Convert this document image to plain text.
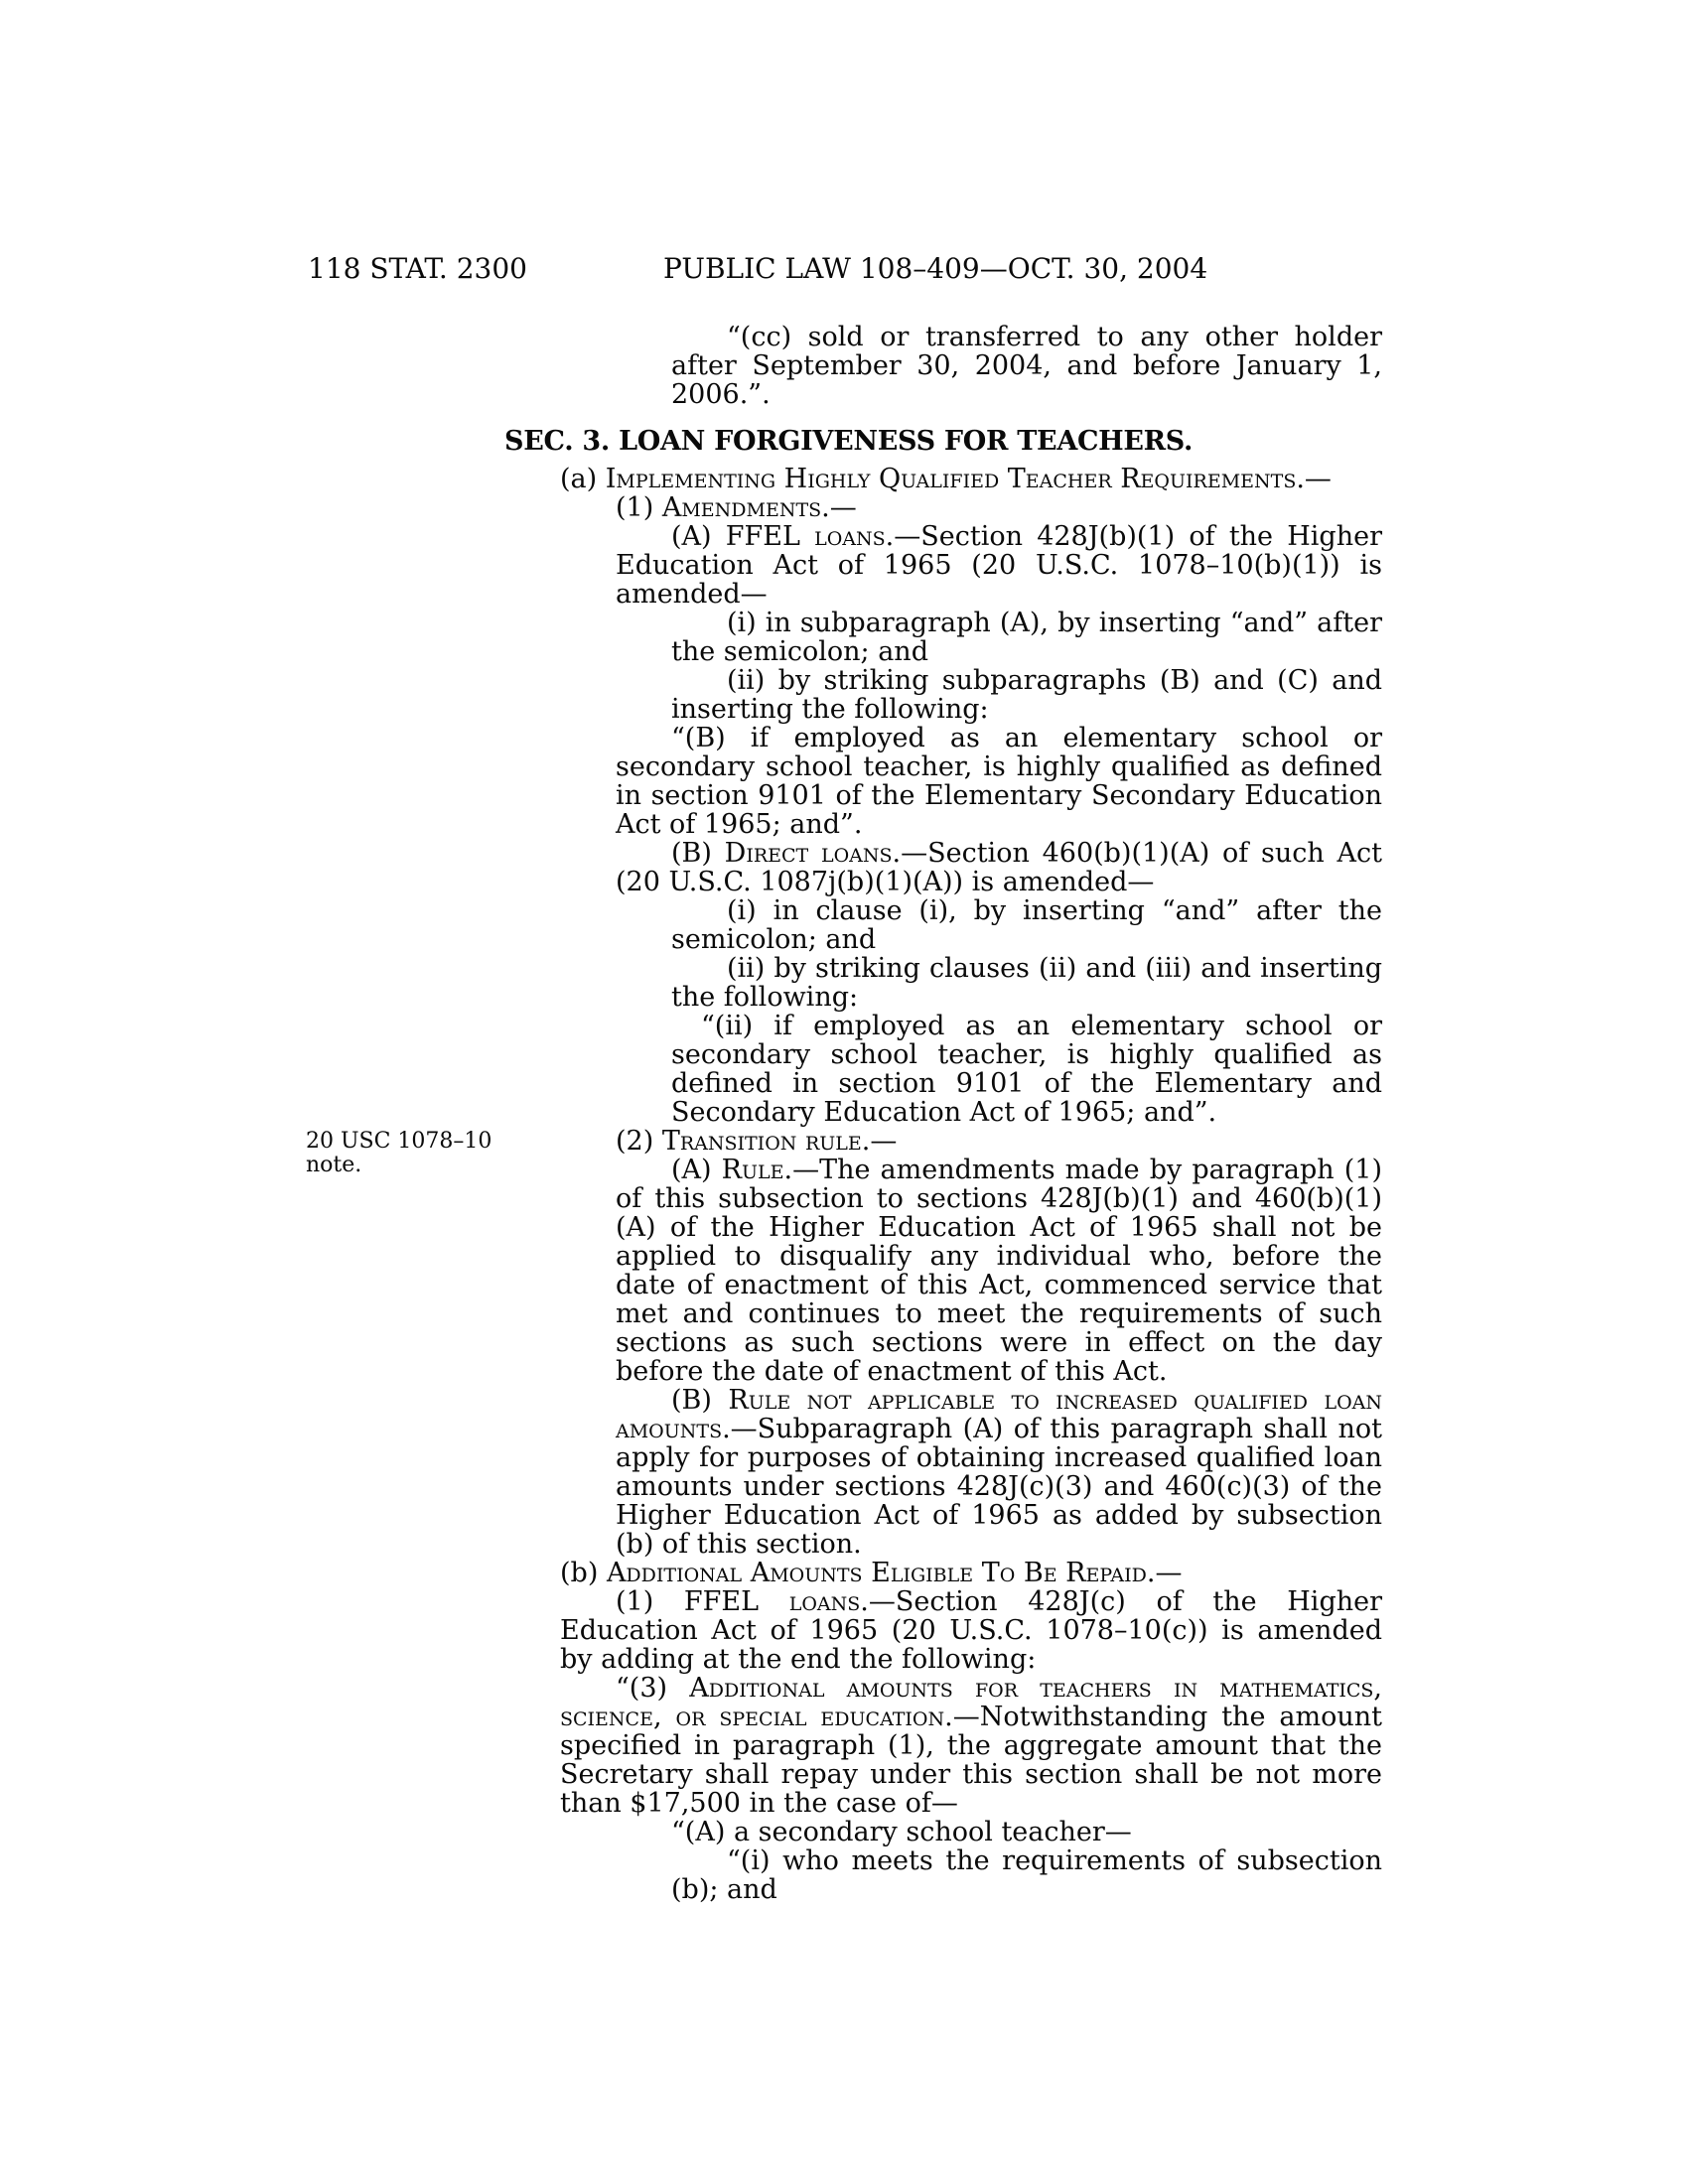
118 STAT. 2300	PUBLIC LAW 108–409—OCT. 30, 2004
20 USC 1078–10
note.

“(cc) sold or transferred to any other holder after September 30, 2004, and before January 1, 2006.”.

SEC. 3. LOAN FORGIVENESS FOR TEACHERS.

(a) Implementing Highly Qualified Teacher Requirements.—

(1) Amendments.—

(A) FFEL loans.—Section 428J(b)(1) of the Higher Education Act of 1965 (20 U.S.C. 1078–10(b)(1)) is amended—

(i) in subparagraph (A), by inserting “and” after the semicolon; and

(ii) by striking subparagraphs (B) and (C) and inserting the following:

“(B) if employed as an elementary school or secondary school teacher, is highly qualified as defined in section 9101 of the Elementary Secondary Education Act of 1965; and”.

(B) Direct loans.—Section 460(b)(1)(A) of such Act (20 U.S.C. 1087j(b)(1)(A)) is amended—

(i) in clause (i), by inserting “and” after the semicolon; and

(ii) by striking clauses (ii) and (iii) and inserting the following:

“(ii) if employed as an elementary school or secondary school teacher, is highly qualified as defined in section 9101 of the Elementary and Secondary Education Act of 1965; and”.

(2) Transition rule.—

(A) Rule.—The amendments made by paragraph (1) of this subsection to sections 428J(b)(1) and 460(b)(1)(A) of the Higher Education Act of 1965 shall not be applied to disqualify any individual who, before the date of enactment of this Act, commenced service that met and continues to meet the requirements of such sections as such sections were in effect on the day before the date of enactment of this Act.

(B) Rule not applicable to increased qualified loan amounts.—Subparagraph (A) of this paragraph shall not apply for purposes of obtaining increased qualified loan amounts under sections 428J(c)(3) and 460(c)(3) of the Higher Education Act of 1965 as added by subsection (b) of this section.

(b) Additional Amounts Eligible To Be Repaid.—

(1) FFEL loans.—Section 428J(c) of the Higher Education Act of 1965 (20 U.S.C. 1078–10(c)) is amended by adding at the end the following:

“(3) Additional amounts for teachers in mathematics, science, or special education.—Notwithstanding the amount specified in paragraph (1), the aggregate amount that the Secretary shall repay under this section shall be not more than $17,500 in the case of—

“(A) a secondary school teacher—

“(i) who meets the requirements of subsection (b); and
